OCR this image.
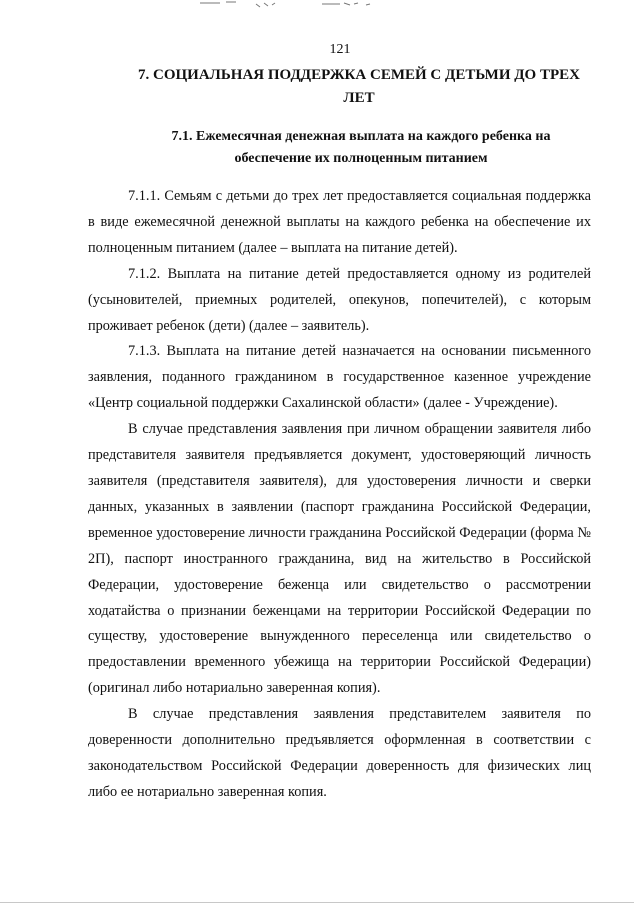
121
7. СОЦИАЛЬНАЯ ПОДДЕРЖКА СЕМЕЙ С ДЕТЬМИ ДО ТРЕХ ЛЕТ
7.1. Ежемесячная денежная выплата на каждого ребенка на обеспечение их полноценным питанием

7.1.1. Семьям с детьми до трех лет предоставляется социальная поддержка в виде ежемесячной денежной выплаты на каждого ребенка на обеспечение их полноценным питанием (далее – выплата на питание детей).

7.1.2. Выплата на питание детей предоставляется одному из родителей (усыновителей, приемных родителей, опекунов, попечителей), с которым проживает ребенок (дети) (далее – заявитель).

7.1.3. Выплата на питание детей назначается на основании письменного заявления, поданного гражданином в государственное казенное учреждение «Центр социальной поддержки Сахалинской области» (далее - Учреждение).

В случае представления заявления при личном обращении заявителя либо представителя заявителя предъявляется документ, удостоверяющий личность заявителя (представителя заявителя), для удостоверения личности и сверки данных, указанных в заявлении (паспорт гражданина Российской Федерации, временное удостоверение личности гражданина Российской Федерации (форма № 2П), паспорт иностранного гражданина, вид на жительство в Российской Федерации, удостоверение беженца или свидетельство о рассмотрении ходатайства о признании беженцами на территории Российской Федерации по существу, удостоверение вынужденного переселенца или свидетельство о предоставлении временного убежища на территории Российской Федерации) (оригинал либо нотариально заверенная копия).

В случае представления заявления представителем заявителя по доверенности дополнительно предъявляется оформленная в соответствии с законодательством Российской Федерации доверенность для физических лиц либо ее нотариально заверенная копия.
